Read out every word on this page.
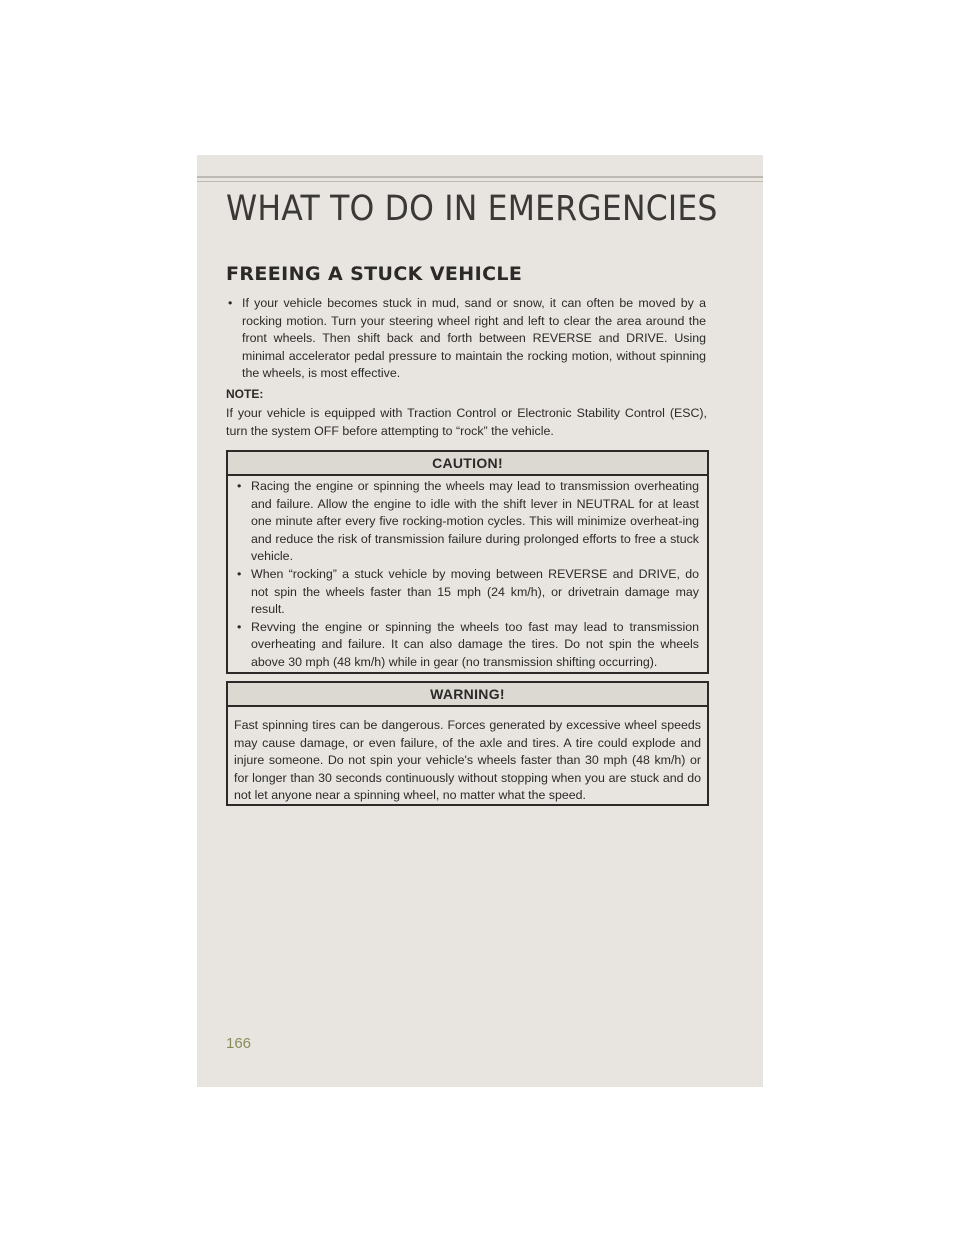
WHAT TO DO IN EMERGENCIES
FREEING A STUCK VEHICLE
• If your vehicle becomes stuck in mud, sand or snow, it can often be moved by a rocking motion. Turn your steering wheel right and left to clear the area around the front wheels. Then shift back and forth between REVERSE and DRIVE. Using minimal accelerator pedal pressure to maintain the rocking motion, without spinning the wheels, is most effective.
NOTE:
If your vehicle is equipped with Traction Control or Electronic Stability Control (ESC), turn the system OFF before attempting to “rock” the vehicle.
CAUTION!
• Racing the engine or spinning the wheels may lead to transmission overheating and failure. Allow the engine to idle with the shift lever in NEUTRAL for at least one minute after every five rocking-motion cycles. This will minimize overheat-ing and reduce the risk of transmission failure during prolonged efforts to free a stuck vehicle.
• When “rocking” a stuck vehicle by moving between REVERSE and DRIVE, do not spin the wheels faster than 15 mph (24 km/h), or drivetrain damage may result.
• Revving the engine or spinning the wheels too fast may lead to transmission overheating and failure. It can also damage the tires. Do not spin the wheels above 30 mph (48 km/h) while in gear (no transmission shifting occurring).
WARNING!
Fast spinning tires can be dangerous. Forces generated by excessive wheel speeds may cause damage, or even failure, of the axle and tires. A tire could explode and injure someone. Do not spin your vehicle's wheels faster than 30 mph (48 km/h) or for longer than 30 seconds continuously without stopping when you are stuck and do not let anyone near a spinning wheel, no matter what the speed.
166
